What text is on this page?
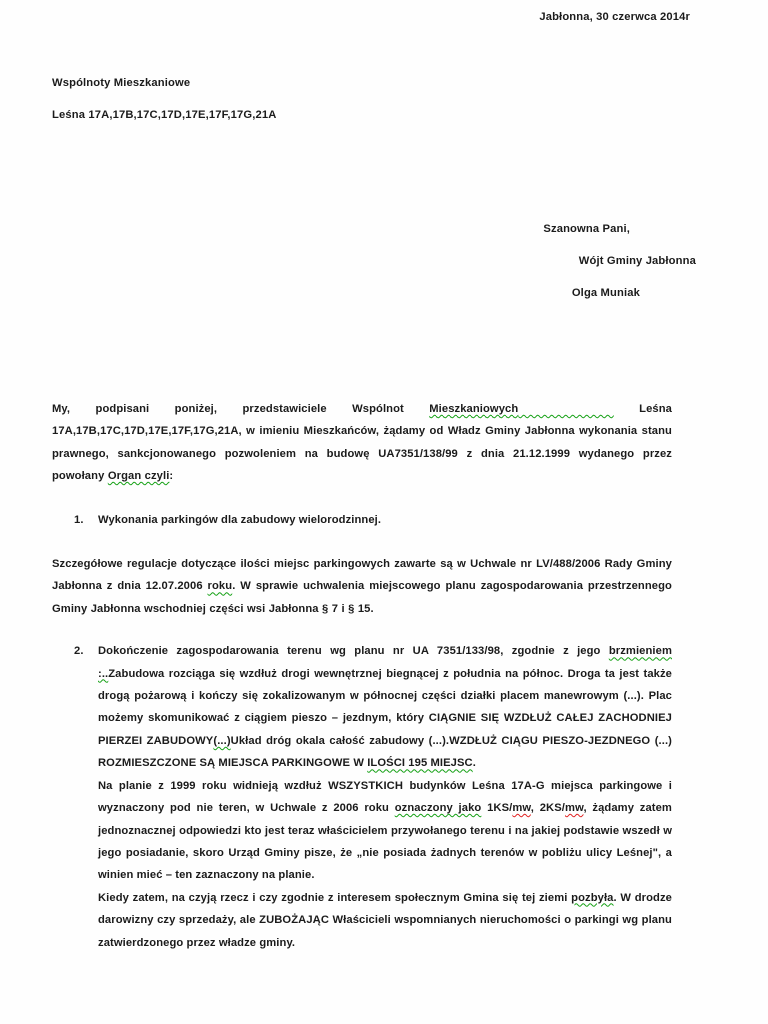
Jabłonna, 30 czerwca 2014r
Wspólnoty Mieszkaniowe
Leśna 17A,17B,17C,17D,17E,17F,17G,21A
Szanowna Pani,
Wójt Gminy Jabłonna
Olga Muniak

My, podpisani poniżej, przedstawiciele Wspólnot Mieszkaniowych	Leśna 17A,17B,17C,17D,17E,17F,17G,21A, w imieniu Mieszkańców, żądamy od Władz Gminy Jabłonna wykonania stanu prawnego, sankcjonowanego pozwoleniem na budowę UA7351/138/99 z dnia 21.12.1999 wydanego przez powołany Organ czyli:

1. Wykonania parkingów dla zabudowy wielorodzinnej.

Szczegółowe regulacje dotyczące ilości miejsc parkingowych zawarte są w Uchwale nr LV/488/2006 Rady Gminy Jabłonna z dnia 12.07.2006 roku. W sprawie uchwalenia miejscowego planu zagospodarowania przestrzennego Gminy Jabłonna wschodniej części wsi Jabłonna § 7 i § 15.

2. Dokończenie zagospodarowania terenu wg planu nr UA 7351/133/98, zgodnie z jego brzmieniem :..Zabudowa rozciąga się wzdłuż drogi wewnętrznej biegnącej z południa na północ. Droga ta jest także drogą pożarową i kończy się zokalizowanym w północnej części działki placem manewrowym (...). Plac możemy skomunikować z ciągiem pieszo – jezdnym, który CIĄGNIE SIĘ WZDŁUŻ CAŁEJ ZACHODNIEJ PIERZEI ZABUDOWY(...)Układ dróg okala całość zabudowy (...).WZDŁUŻ CIĄGU PIESZO-JEZDNEGO (...) ROZMIESZCZONE SĄ MIEJSCA PARKINGOWE W ILOŚCI 195 MIEJSC.
Na planie z 1999 roku widnieją wzdłuż WSZYSTKICH budynków Leśna 17A-G miejsca parkingowe i wyznaczony pod nie teren, w Uchwale z 2006 roku oznaczony jako 1KS/mw, 2KS/mw, żądamy zatem jednoznacznej odpowiedzi kto jest teraz właścicielem przywołanego terenu i na jakiej podstawie wszedł w jego posiadanie, skoro Urząd Gminy pisze, że „nie posiada żadnych terenów w pobliżu ulicy Leśnej", a winien mieć – ten zaznaczony na planie.
Kiedy zatem, na czyją rzecz i czy zgodnie z interesem społecznym Gmina się tej ziemi pozbyła. W drodze darowizny czy sprzedaży, ale ZUBOŻAJĄC Właścicieli wspomnianych nieruchomości o parkingi wg planu zatwierdzonego przez władze gminy.
